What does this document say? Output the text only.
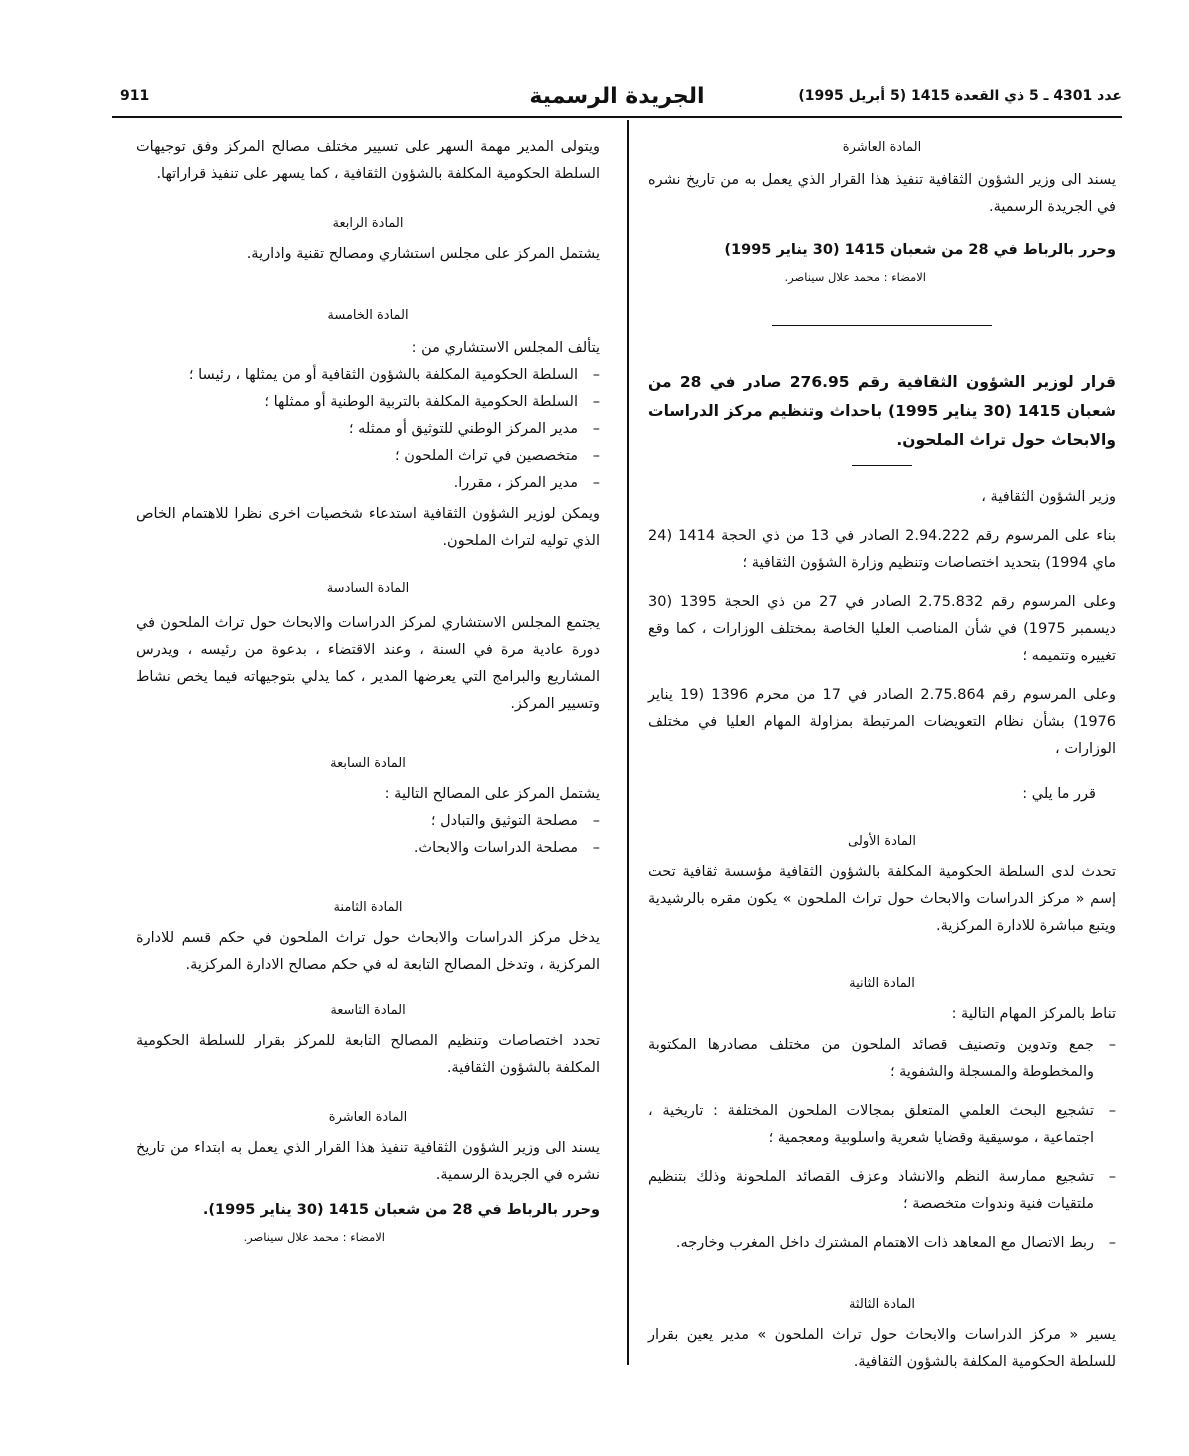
عدد 4301 ـ 5 ذي القعدة 1415 (5 أبريل 1995)
الجريدة الرسمية
911

المادة العاشرة

يسند الى وزير الشؤون الثقافية تنفيذ هذا القرار الذي يعمل به من تاريخ نشره في الجريدة الرسمية.

وحرر بالرباط في 28 من شعبان 1415 (30 يناير 1995)

الامضاء : محمد علال سيناصر.

قرار لوزير الشؤون الثقافية رقم 276.95 صادر في 28 من شعبان 1415 (30 يناير 1995) باحداث وتنظيم مركز الدراسات والابحاث حول تراث الملحون.

وزير الشؤون الثقافية ،

بناء على المرسوم رقم 2.94.222 الصادر في 13 من ذي الحجة 1414 (24 ماي 1994) بتحديد اختصاصات وتنظيم وزارة الشؤون الثقافية ؛

وعلى المرسوم رقم 2.75.832 الصادر في 27 من ذي الحجة 1395 (30 ديسمبر 1975) في شأن المناصب العليا الخاصة بمختلف الوزارات ، كما وقع تغييره وتتميمه ؛

وعلى المرسوم رقم 2.75.864 الصادر في 17 من محرم 1396 (19 يناير 1976) بشأن نظام التعويضات المرتبطة بمزاولة المهام العليا في مختلف الوزارات ،

قرر ما يلي :

المادة الأولى

تحدث لدى السلطة الحكومية المكلفة بالشؤون الثقافية مؤسسة ثقافية تحت إسم « مركز الدراسات والابحاث حول تراث الملحون » يكون مقره بالرشيدية ويتبع مباشرة للادارة المركزية.

المادة الثانية

تناط بالمركز المهام التالية :

– جمع وتدوين وتصنيف قصائد الملحون من مختلف مصادرها المكتوبة والمخطوطة والمسجلة والشفوية ؛
– تشجيع البحث العلمي المتعلق بمجالات الملحون المختلفة : تاريخية ، اجتماعية ، موسيقية وقضايا شعرية واسلوبية ومعجمية ؛
– تشجيع ممارسة النظم والانشاد وعزف القصائد الملحونة وذلك بتنظيم ملتقيات فنية وندوات متخصصة ؛
– ربط الاتصال مع المعاهد ذات الاهتمام المشترك داخل المغرب وخارجه.

المادة الثالثة

يسير « مركز الدراسات والابحاث حول تراث الملحون » مدير يعين بقرار للسلطة الحكومية المكلفة بالشؤون الثقافية.

ويتولى المدير مهمة السهر على تسيير مختلف مصالح المركز وفق توجيهات السلطة الحكومية المكلفة بالشؤون الثقافية ، كما يسهر على تنفيذ قراراتها.

المادة الرابعة

يشتمل المركز على مجلس استشاري ومصالح تقنية وادارية.

المادة الخامسة

يتألف المجلس الاستشاري من :

– السلطة الحكومية المكلفة بالشؤون الثقافية أو من يمثلها ، رئيسا ؛
– السلطة الحكومية المكلفة بالتربية الوطنية أو ممثلها ؛
– مدير المركز الوطني للتوثيق أو ممثله ؛
– متخصصين في تراث الملحون ؛
– مدير المركز ، مقررا.

ويمكن لوزير الشؤون الثقافية استدعاء شخصيات اخرى نظرا للاهتمام الخاص الذي توليه لتراث الملحون.

المادة السادسة

يجتمع المجلس الاستشاري لمركز الدراسات والابحاث حول تراث الملحون في دورة عادية مرة في السنة ، وعند الاقتضاء ، بدعوة من رئيسه ، ويدرس المشاريع والبرامج التي يعرضها المدير ، كما يدلي بتوجيهاته فيما يخص نشاط وتسيير المركز.

المادة السابعة

يشتمل المركز على المصالح التالية :

– مصلحة التوثيق والتبادل ؛
– مصلحة الدراسات والابحاث.

المادة الثامنة

يدخل مركز الدراسات والابحاث حول تراث الملحون في حكم قسم للادارة المركزية ، وتدخل المصالح التابعة له في حكم مصالح الادارة المركزية.

المادة التاسعة

تحدد اختصاصات وتنظيم المصالح التابعة للمركز بقرار للسلطة الحكومية المكلفة بالشؤون الثقافية.

المادة العاشرة

يسند الى وزير الشؤون الثقافية تنفيذ هذا القرار الذي يعمل به ابتداء من تاريخ نشره في الجريدة الرسمية.

وحرر بالرباط في 28 من شعبان 1415 (30 يناير 1995).

الامضاء : محمد علال سيناصر.
